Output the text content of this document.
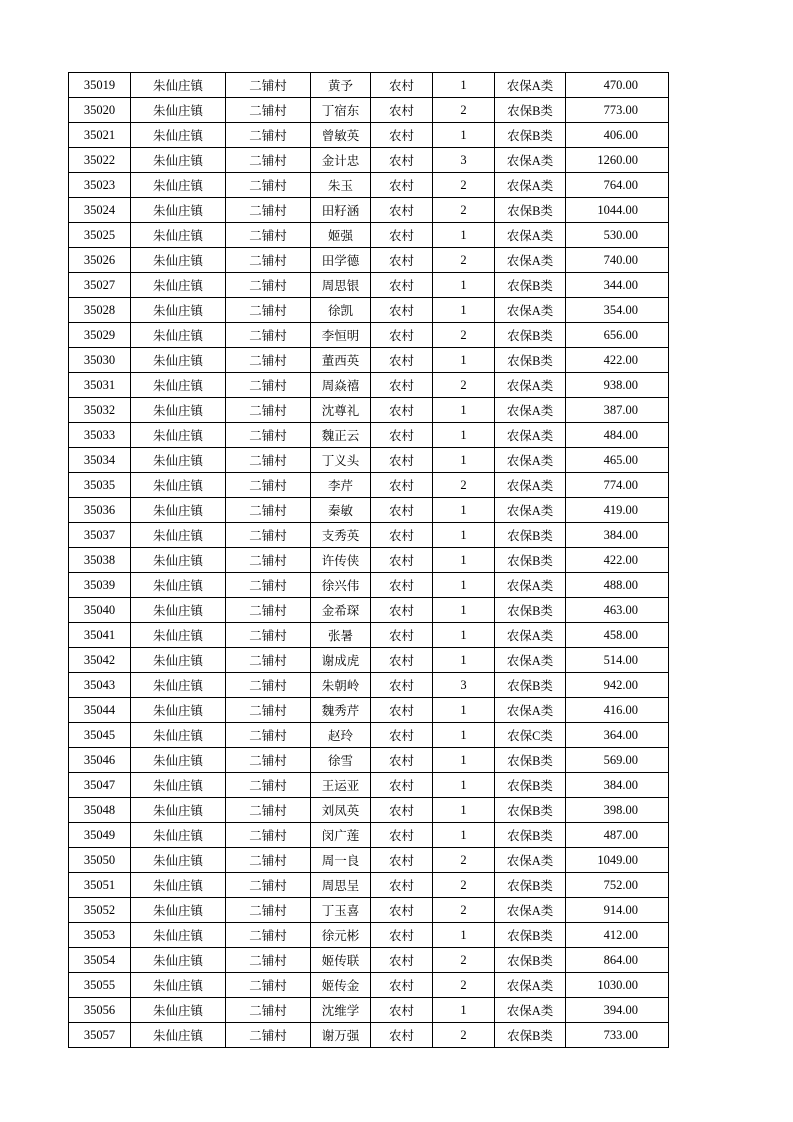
35019	朱仙庄镇	二铺村	黄予	农村	1	农保A类	470.00
35020	朱仙庄镇	二铺村	丁宿东	农村	2	农保B类	773.00
35021	朱仙庄镇	二铺村	曾敏英	农村	1	农保B类	406.00
35022	朱仙庄镇	二铺村	金计忠	农村	3	农保A类	1260.00
35023	朱仙庄镇	二铺村	朱玉	农村	2	农保A类	764.00
35024	朱仙庄镇	二铺村	田籽涵	农村	2	农保B类	1044.00
35025	朱仙庄镇	二铺村	姬强	农村	1	农保A类	530.00
35026	朱仙庄镇	二铺村	田学德	农村	2	农保A类	740.00
35027	朱仙庄镇	二铺村	周思银	农村	1	农保B类	344.00
35028	朱仙庄镇	二铺村	徐凯	农村	1	农保A类	354.00
35029	朱仙庄镇	二铺村	李恒明	农村	2	农保B类	656.00
35030	朱仙庄镇	二铺村	董西英	农村	1	农保B类	422.00
35031	朱仙庄镇	二铺村	周焱禧	农村	2	农保A类	938.00
35032	朱仙庄镇	二铺村	沈尊礼	农村	1	农保A类	387.00
35033	朱仙庄镇	二铺村	魏正云	农村	1	农保A类	484.00
35034	朱仙庄镇	二铺村	丁义头	农村	1	农保A类	465.00
35035	朱仙庄镇	二铺村	李芹	农村	2	农保A类	774.00
35036	朱仙庄镇	二铺村	秦敏	农村	1	农保A类	419.00
35037	朱仙庄镇	二铺村	支秀英	农村	1	农保B类	384.00
35038	朱仙庄镇	二铺村	许传侠	农村	1	农保B类	422.00
35039	朱仙庄镇	二铺村	徐兴伟	农村	1	农保A类	488.00
35040	朱仙庄镇	二铺村	金希琛	农村	1	农保B类	463.00
35041	朱仙庄镇	二铺村	张暑	农村	1	农保A类	458.00
35042	朱仙庄镇	二铺村	谢成虎	农村	1	农保A类	514.00
35043	朱仙庄镇	二铺村	朱朝岭	农村	3	农保B类	942.00
35044	朱仙庄镇	二铺村	魏秀芹	农村	1	农保A类	416.00
35045	朱仙庄镇	二铺村	赵玲	农村	1	农保C类	364.00
35046	朱仙庄镇	二铺村	徐雪	农村	1	农保B类	569.00
35047	朱仙庄镇	二铺村	王运亚	农村	1	农保B类	384.00
35048	朱仙庄镇	二铺村	刘凤英	农村	1	农保B类	398.00
35049	朱仙庄镇	二铺村	闵广莲	农村	1	农保B类	487.00
35050	朱仙庄镇	二铺村	周一良	农村	2	农保A类	1049.00
35051	朱仙庄镇	二铺村	周思呈	农村	2	农保B类	752.00
35052	朱仙庄镇	二铺村	丁玉喜	农村	2	农保A类	914.00
35053	朱仙庄镇	二铺村	徐元彬	农村	1	农保B类	412.00
35054	朱仙庄镇	二铺村	姬传联	农村	2	农保B类	864.00
35055	朱仙庄镇	二铺村	姬传金	农村	2	农保A类	1030.00
35056	朱仙庄镇	二铺村	沈维学	农村	1	农保A类	394.00
35057	朱仙庄镇	二铺村	谢万强	农村	2	农保B类	733.00
